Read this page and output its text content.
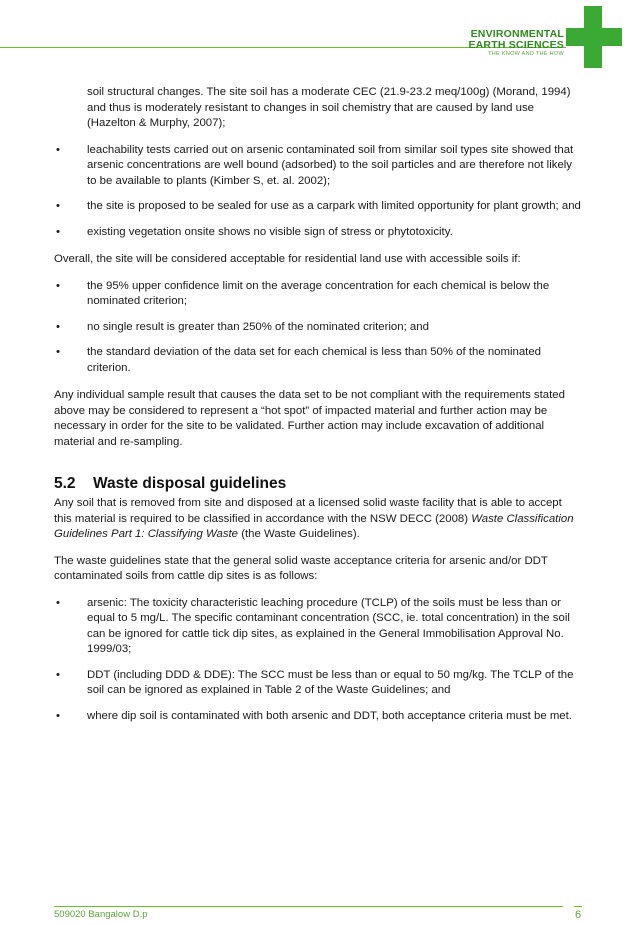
ENVIRONMENTAL
EARTH SCIENCES
THE KNOW AND THE HOW

soil structural changes. The site soil has a moderate CEC (21.9-23.2 meq/100g) (Morand, 1994) and thus is moderately resistant to changes in soil chemistry that are caused by land use (Hazelton & Murphy, 2007);

• leachability tests carried out on arsenic contaminated soil from similar soil types site showed that arsenic concentrations are well bound (adsorbed) to the soil particles and are therefore not likely to be available to plants (Kimber S, et. al. 2002);
• the site is proposed to be sealed for use as a carpark with limited opportunity for plant growth; and
• existing vegetation onsite shows no visible sign of stress or phytotoxicity.

Overall, the site will be considered acceptable for residential land use with accessible soils if:

• the 95% upper confidence limit on the average concentration for each chemical is below the nominated criterion;
• no single result is greater than 250% of the nominated criterion; and
• the standard deviation of the data set for each chemical is less than 50% of the nominated criterion.

Any individual sample result that causes the data set to be not compliant with the requirements stated above may be considered to represent a “hot spot” of impacted material and further action may be necessary in order for the site to be validated. Further action may include excavation of additional material and re-sampling.

5.2 Waste disposal guidelines

Any soil that is removed from site and disposed at a licensed solid waste facility that is able to accept this material is required to be classified in accordance with the NSW DECC (2008) Waste Classification Guidelines Part 1: Classifying Waste (the Waste Guidelines).

The waste guidelines state that the general solid waste acceptance criteria for arsenic and/or DDT contaminated soils from cattle dip sites is as follows:

• arsenic: The toxicity characteristic leaching procedure (TCLP) of the soils must be less than or equal to 5 mg/L. The specific contaminant concentration (SCC, ie. total concentration) in the soil can be ignored for cattle tick dip sites, as explained in the General Immobilisation Approval No. 1999/03;
• DDT (including DDD & DDE): The SCC must be less than or equal to 50 mg/kg. The TCLP of the soil can be ignored as explained in Table 2 of the Waste Guidelines; and
• where dip soil is contaminated with both arsenic and DDT, both acceptance criteria must be met.
509020 Bangalow D.p	6
